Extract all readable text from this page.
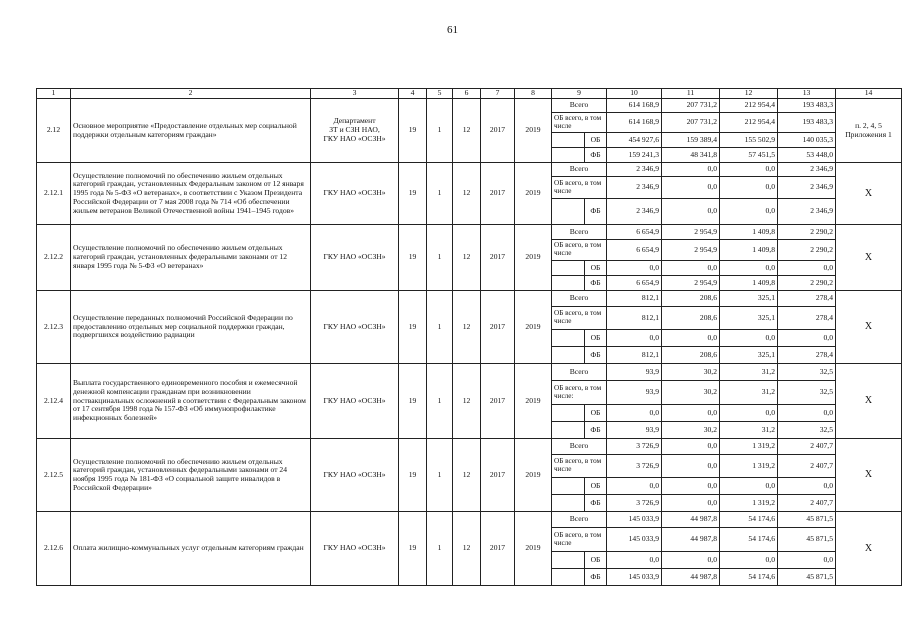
61
1	2	3	4	5	6	7	8	9		10	11	12	13	14
2.12	Основное мероприятие «Предоставление отдельных мер социальной поддержки отдельным категориям граждан»	Департамент
ЗТ и СЗН НАО,
ГКУ НАО «ОСЗН»	19	1	12	2017	2019	Всего		614 168,9	207 731,2	212 954,4	193 483,3	п. 2, 4, 5
Приложения 1

								ОБ всего, в том числе		614 168,9	207 731,2	212 954,4	193 483,3	
									ОБ	454 927,6	159 389,4	155 502,9	140 035,3	
									ФБ	159 241,3	48 341,8	57 451,5	53 448,0	
2.12.1	Осуществление полномочий по обеспечению жильем отдельных категорий граждан, установленных Федеральным законом от 12 января 1995 года № 5-ФЗ «О ветеранах», в соответствии с Указом Президента Российской Федерации от 7 мая 2008 года № 714 «Об обеспечении жильем ветеранов Великой Отечественной войны 1941–1945 годов»	ГКУ НАО «ОСЗН»	19	1	12	2017	2019	Всего		2 346,9	0,0	0,0	2 346,9	Х

								ОБ всего, в том числе		2 346,9	0,0	0,0	2 346,9	
									ФБ	2 346,9	0,0	0,0	2 346,9	
2.12.2	Осуществление полномочий по обеспечению жильем отдельных категорий граждан, установленных федеральными законами от 12 января 1995 года № 5-ФЗ «О ветеранах»	ГКУ НАО «ОСЗН»	19	1	12	2017	2019	Всего		6 654,9	2 954,9	1 409,8	2 290,2	Х

								ОБ всего, в том числе		6 654,9	2 954,9	1 409,8	2 290,2	
									ОБ	0,0	0,0	0,0	0,0	
									ФБ	6 654,9	2 954,9	1 409,8	2 290,2	
2.12.3	Осуществление переданных полномочий Российской Федерации по предоставлению отдельных мер социальной поддержки граждан, подвергшихся воздействию радиации	ГКУ НАО «ОСЗН»	19	1	12	2017	2019	Всего		812,1	208,6	325,1	278,4	Х

								ОБ всего, в том числе		812,1	208,6	325,1	278,4	
									ОБ	0,0	0,0	0,0	0,0	
									ФБ	812,1	208,6	325,1	278,4	
2.12.4	Выплата государственного единовременного пособия и ежемесячной денежной компенсации гражданам при возникновении поствакцинальных осложнений в соответствии с Федеральным законом от 17 сентября 1998 года № 157-ФЗ «Об иммунопрофилактике инфекционных болезней»	ГКУ НАО «ОСЗН»	19	1	12	2017	2019	Всего		93,9	30,2	31,2	32,5	Х

								ОБ всего, в том числе:		93,9	30,2	31,2	32,5	
									ОБ	0,0	0,0	0,0	0,0	
									ФБ	93,9	30,2	31,2	32,5	
2.12.5	Осуществление полномочий по обеспечению жильем отдельных категорий граждан, установленных федеральными законами от 24 ноября 1995 года № 181-ФЗ «О социальной защите инвалидов в Российской Федерации»	ГКУ НАО «ОСЗН»	19	1	12	2017	2019	Всего		3 726,9	0,0	1 319,2	2 407,7	Х

								ОБ всего, в том числе		3 726,9	0,0	1 319,2	2 407,7	
									ОБ	0,0	0,0	0,0	0,0	
									ФБ	3 726,9	0,0	1 319,2	2 407,7	
2.12.6	Оплата жилищно-коммунальных услуг отдельным категориям граждан	ГКУ НАО «ОСЗН»	19	1	12	2017	2019	Всего		145 033,9	44 987,8	54 174,6	45 871,5	Х

								ОБ всего, в том числе		145 033,9	44 987,8	54 174,6	45 871,5	
									ОБ	0,0	0,0	0,0	0,0	
									ФБ	145 033,9	44 987,8	54 174,6	45 871,5	
